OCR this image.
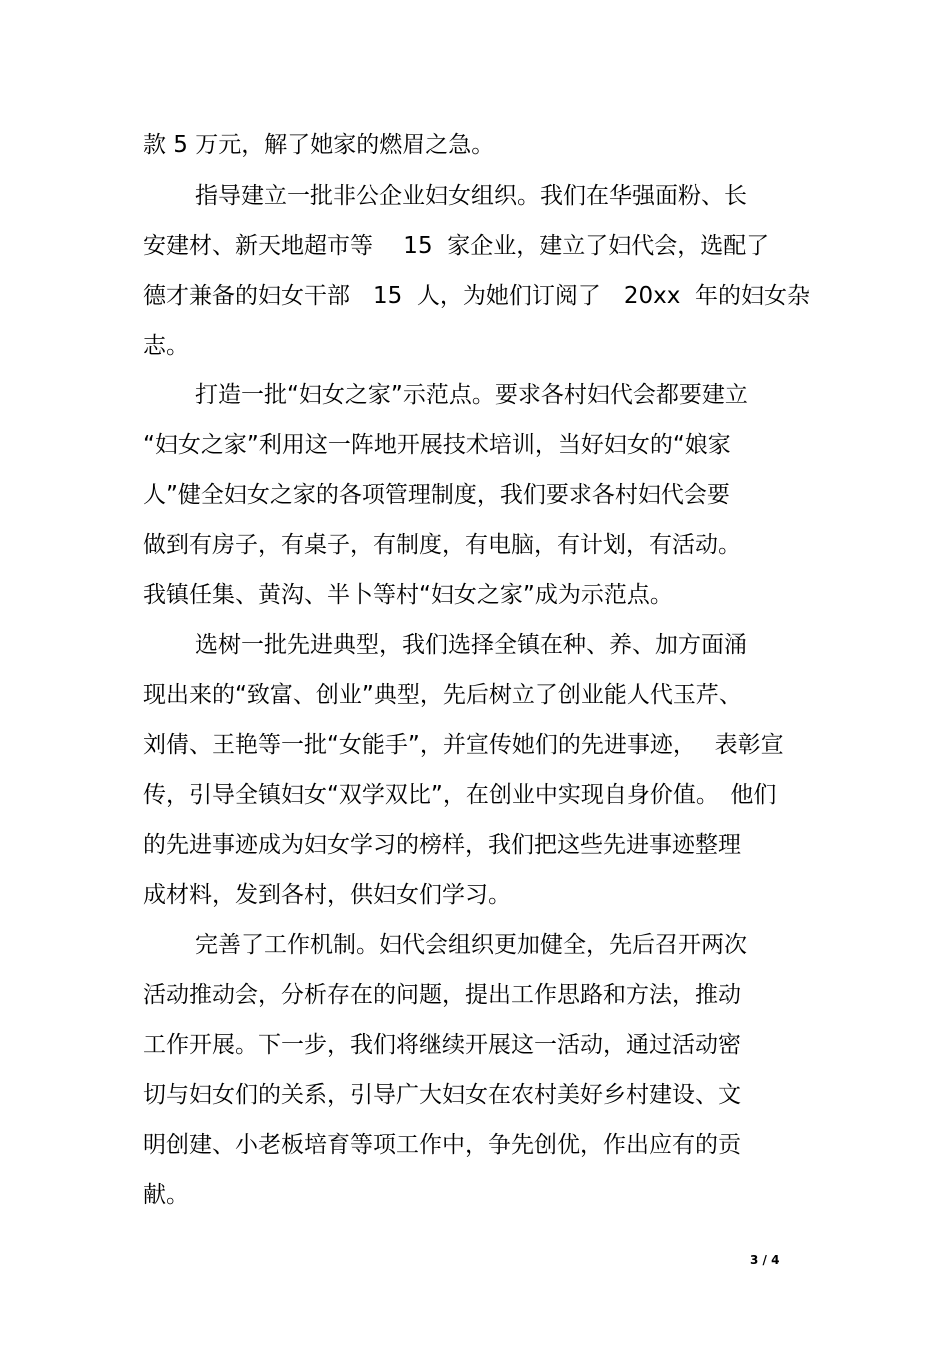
款 5 万元，解了她家的燃眉之急。
指导建立一批非公企业妇女组织。我们在华强面粉、长
安建材、新天地超市等　 15  家企业，建立了妇代会，选配了
德才兼备的妇女干部　15  人，为她们订阅了　20xx  年的妇女杂
志。
打造一批“妇女之家”示范点。要求各村妇代会都要建立
“妇女之家”利用这一阵地开展技术培训，当好妇女的“娘家
人”健全妇女之家的各项管理制度，我们要求各村妇代会要
做到有房子，有桌子，有制度，有电脑，有计划，有活动。
我镇任集、黄沟、半卜等村“妇女之家”成为示范点。
选树一批先进典型，我们选择全镇在种、养、加方面涌
现出来的“致富、创业”典型，先后树立了创业能人代玉芹、
刘倩、王艳等一批“女能手”，并宣传她们的先进事迹，　 表彰宣
传，引导全镇妇女“双学双比”，在创业中实现自身价值。　他们
的先进事迹成为妇女学习的榜样，我们把这些先进事迹整理
成材料，发到各村，供妇女们学习。
完善了工作机制。妇代会组织更加健全，先后召开两次
活动推动会，分析存在的问题，提出工作思路和方法，推动
工作开展。下一步，我们将继续开展这一活动，通过活动密
切与妇女们的关系，引导广大妇女在农村美好乡村建设、文
明创建、小老板培育等项工作中，争先创优，作出应有的贡
献。
3 / 4
